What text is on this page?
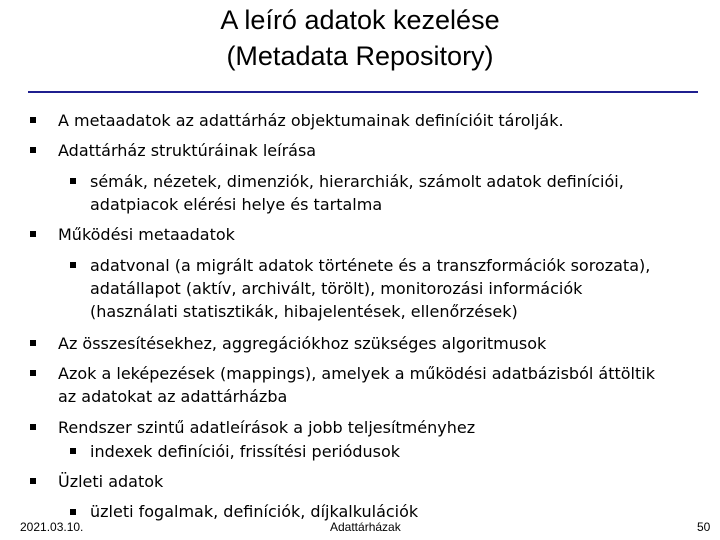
A leíró adatok kezelése
(Metadata Repository)
A metaadatok az adattárház objektumainak definícióit tárolják.
Adattárház struktúráinak leírása
sémák, nézetek, dimenziók, hierarchiák, számolt adatok definíciói,
adatpiacok elérési helye és tartalma
Működési metaadatok
adatvonal (a migrált adatok története és a transzformációk sorozata),
adatállapot (aktív, archivált, törölt), monitorozási információk
(használati statisztikák, hibajelentések, ellenőrzések)
Az összesítésekhez, aggregációkhoz szükséges algoritmusok
Azok a leképezések (mappings), amelyek a működési adatbázisból áttöltik
az adatokat az adattárházba
Rendszer szintű adatleírások a jobb teljesítményhez
indexek definíciói, frissítési periódusok
Üzleti adatok
üzleti fogalmak, definíciók, díjkalkulációk
2021.03.10.	Adattárházak	50
